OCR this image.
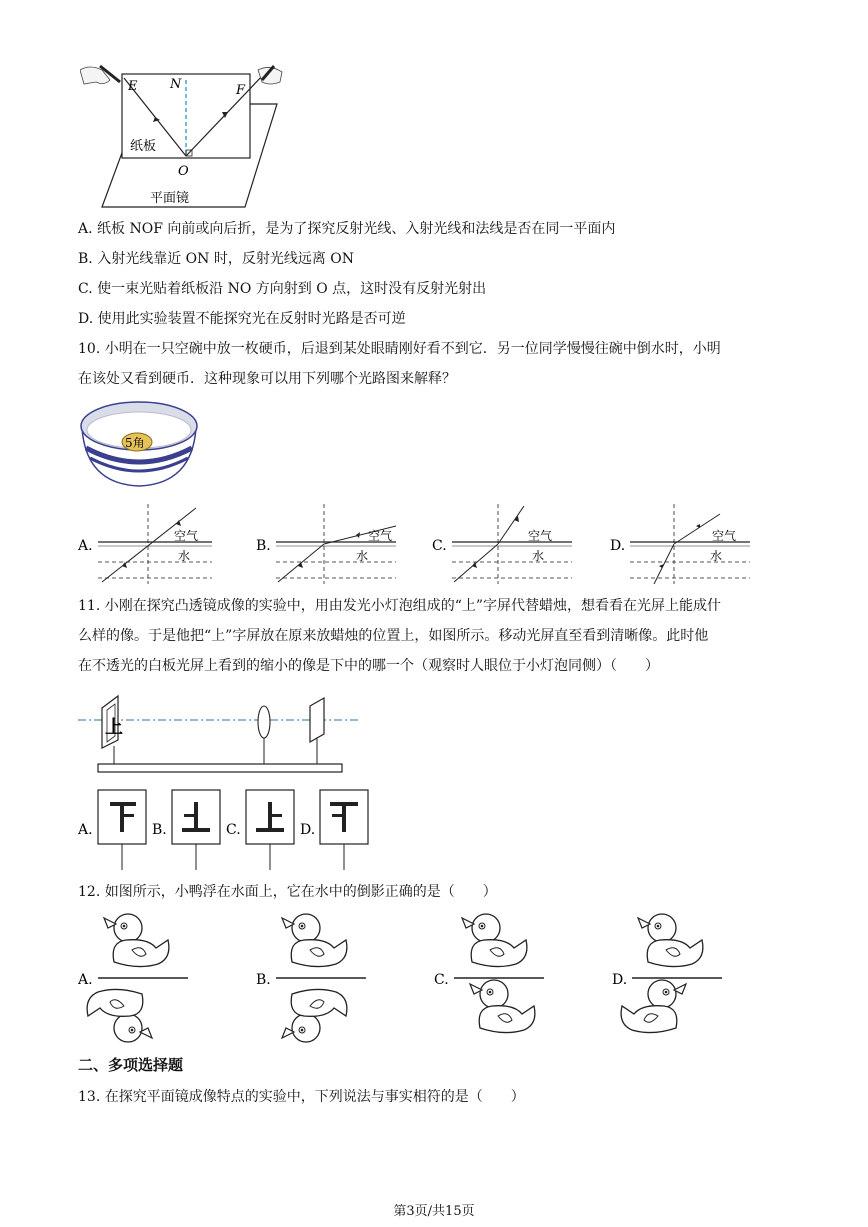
E	N	F
纸板
O
平面镜
A. 纸板 NOF 向前或向后折，是为了探究反射光线、入射光线和法线是否在同一平面内
B. 入射光线靠近 ON 时，反射光线远离 ON
C. 使一束光贴着纸板沿 NO 方向射到 O 点，这时没有反射光射出
D. 使用此实验装置不能探究光在反射时光路是否可逆
10. 小明在一只空碗中放一枚硬币，后退到某处眼睛刚好看不到它．另一位同学慢慢往碗中倒水时，小明
在该处又看到硬币．这种现象可以用下列哪个光路图来解释？
5角
A.
空气
水
B.
空气
水
C.
空气
水
D.
空气
水
11. 小刚在探究凸透镜成像的实验中，用由发光小灯泡组成的“上”字屏代替蜡烛，想看看在光屏上能成什
么样的像。于是他把“上”字屏放在原来放蜡烛的位置上，如图所示。移动光屏直至看到清晰像。此时他
在不透光的白板光屏上看到的缩小的像是下中的哪一个（观察时人眼位于小灯泡同侧）（　　）
上
A.	B.	C.	D.
12. 如图所示，小鸭浮在水面上，它在水中的倒影正确的是（　　）
A.	B.	C.	D.
二、多项选择题
13. 在探究平面镜成像特点的实验中，下列说法与事实相符的是（　　）
第3页/共15页
